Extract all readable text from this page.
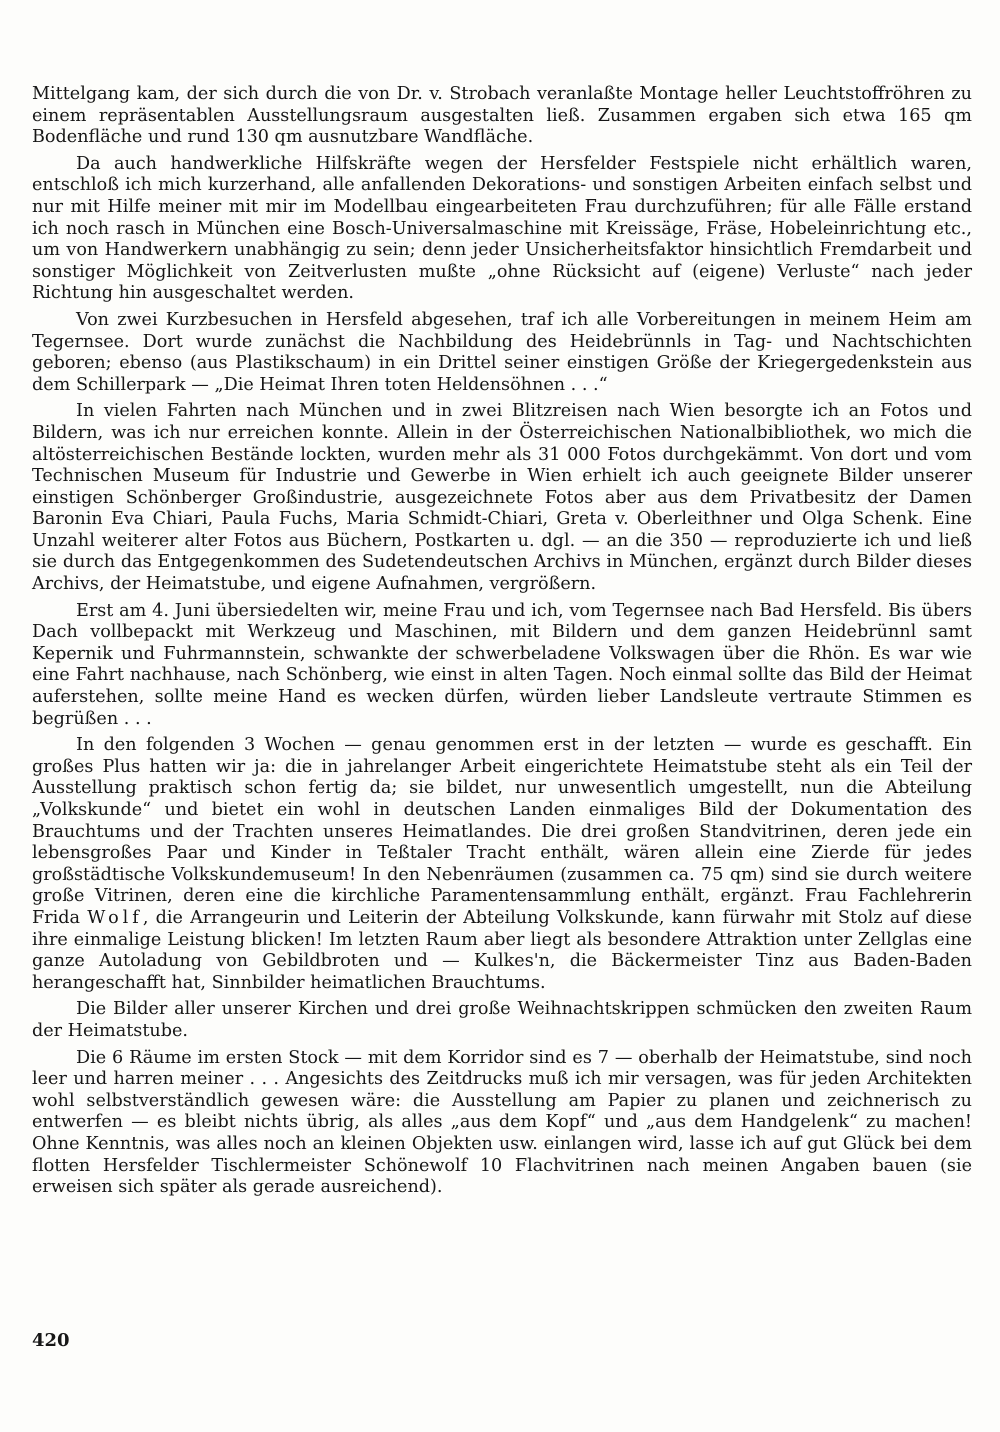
Mittelgang kam, der sich durch die von Dr. v. Strobach veranlaßte Montage heller Leuchtstoffröhren zu einem repräsentablen Ausstellungsraum ausgestalten ließ. Zusammen ergaben sich etwa 165 qm Bodenfläche und rund 130 qm ausnutzbare Wandfläche.

Da auch handwerkliche Hilfskräfte wegen der Hersfelder Festspiele nicht erhältlich waren, entschloß ich mich kurzerhand, alle anfallenden Dekorations- und sonstigen Arbeiten einfach selbst und nur mit Hilfe meiner mit mir im Modellbau eingearbeiteten Frau durchzuführen; für alle Fälle erstand ich noch rasch in München eine Bosch-Universalmaschine mit Kreissäge, Fräse, Hobeleinrichtung etc., um von Handwerkern unabhängig zu sein; denn jeder Unsicherheitsfaktor hinsichtlich Fremdarbeit und sonstiger Möglichkeit von Zeitverlusten mußte „ohne Rücksicht auf (eigene) Verluste“ nach jeder Richtung hin ausgeschaltet werden.

Von zwei Kurzbesuchen in Hersfeld abgesehen, traf ich alle Vorbereitungen in meinem Heim am Tegernsee. Dort wurde zunächst die Nachbildung des Heidebrünnls in Tag- und Nachtschichten geboren; ebenso (aus Plastikschaum) in ein Drittel seiner einstigen Größe der Kriegergedenkstein aus dem Schillerpark — „Die Heimat Ihren toten Heldensöhnen . . .“

In vielen Fahrten nach München und in zwei Blitzreisen nach Wien besorgte ich an Fotos und Bildern, was ich nur erreichen konnte. Allein in der Österreichischen Nationalbibliothek, wo mich die altösterreichischen Bestände lockten, wurden mehr als 31 000 Fotos durchgekämmt. Von dort und vom Technischen Museum für Industrie und Gewerbe in Wien erhielt ich auch geeignete Bilder unserer einstigen Schönberger Großindustrie, ausgezeichnete Fotos aber aus dem Privatbesitz der Damen Baronin Eva Chiari, Paula Fuchs, Maria Schmidt-Chiari, Greta v. Oberleithner und Olga Schenk. Eine Unzahl weiterer alter Fotos aus Büchern, Postkarten u. dgl. — an die 350 — reproduzierte ich und ließ sie durch das Entgegenkommen des Sudetendeutschen Archivs in München, ergänzt durch Bilder dieses Archivs, der Heimatstube, und eigene Aufnahmen, vergrößern.

Erst am 4. Juni übersiedelten wir, meine Frau und ich, vom Tegernsee nach Bad Hersfeld. Bis übers Dach vollbepackt mit Werkzeug und Maschinen, mit Bildern und dem ganzen Heidebrünnl samt Kepernik und Fuhrmannstein, schwankte der schwerbeladene Volkswagen über die Rhön. Es war wie eine Fahrt nachhause, nach Schönberg, wie einst in alten Tagen. Noch einmal sollte das Bild der Heimat auferstehen, sollte meine Hand es wecken dürfen, würden lieber Landsleute vertraute Stimmen es begrüßen . . .

In den folgenden 3 Wochen — genau genommen erst in der letzten — wurde es geschafft. Ein großes Plus hatten wir ja: die in jahrelanger Arbeit eingerichtete Heimatstube steht als ein Teil der Ausstellung praktisch schon fertig da; sie bildet, nur unwesentlich umgestellt, nun die Abteilung „Volkskunde“ und bietet ein wohl in deutschen Landen einmaliges Bild der Dokumentation des Brauchtums und der Trachten unseres Heimatlandes. Die drei großen Standvitrinen, deren jede ein lebensgroßes Paar und Kinder in Teßtaler Tracht enthält, wären allein eine Zierde für jedes großstädtische Volkskundemuseum! In den Nebenräumen (zusammen ca. 75 qm) sind sie durch weitere große Vitrinen, deren eine die kirchliche Paramentensammlung enthält, ergänzt. Frau Fachlehrerin Frida Wolf, die Arrangeurin und Leiterin der Abteilung Volkskunde, kann fürwahr mit Stolz auf diese ihre einmalige Leistung blicken! Im letzten Raum aber liegt als besondere Attraktion unter Zellglas eine ganze Autoladung von Gebildbroten und — Kulkes'n, die Bäckermeister Tinz aus Baden-Baden herangeschafft hat, Sinnbilder heimatlichen Brauchtums.

Die Bilder aller unserer Kirchen und drei große Weihnachtskrippen schmücken den zweiten Raum der Heimatstube.

Die 6 Räume im ersten Stock — mit dem Korridor sind es 7 — oberhalb der Heimatstube, sind noch leer und harren meiner . . . Angesichts des Zeitdrucks muß ich mir versagen, was für jeden Architekten wohl selbstverständlich gewesen wäre: die Ausstellung am Papier zu planen und zeichnerisch zu entwerfen — es bleibt nichts übrig, als alles „aus dem Kopf“ und „aus dem Handgelenk“ zu machen! Ohne Kenntnis, was alles noch an kleinen Objekten usw. einlangen wird, lasse ich auf gut Glück bei dem flotten Hersfelder Tischlermeister Schönewolf 10 Flachvitrinen nach meinen Angaben bauen (sie erweisen sich später als gerade ausreichend).

420
